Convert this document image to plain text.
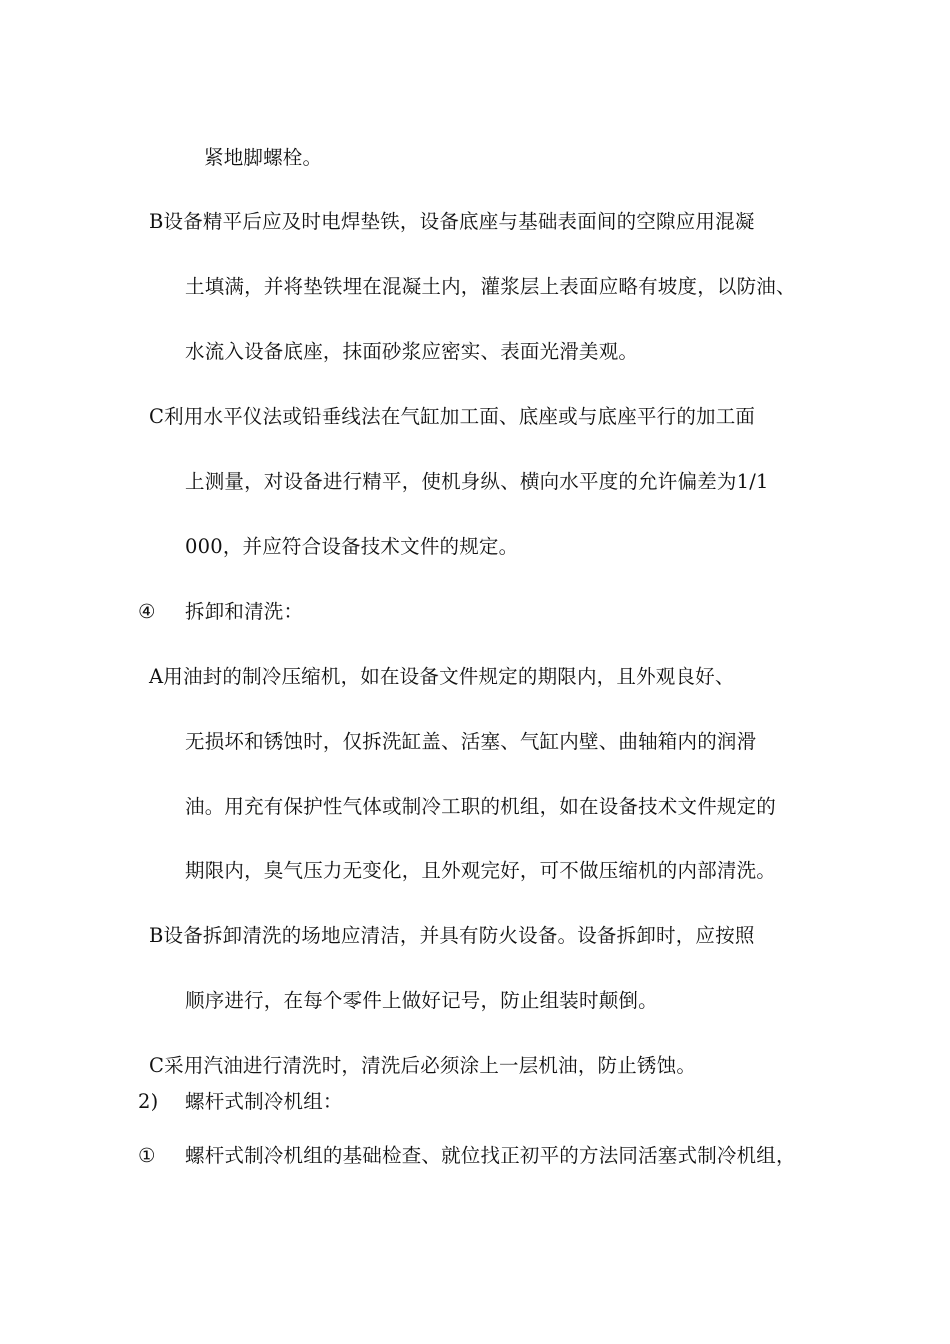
紧地脚螺栓。
B设备精平后应及时电焊垫铁，设备底座与基础表面间的空隙应用混凝
土填满，并将垫铁埋在混凝土内，灌浆层上表面应略有坡度，以防油、
水流入设备底座，抹面砂浆应密实、表面光滑美观。
C利用水平仪法或铅垂线法在气缸加工面、底座或与底座平行的加工面
上测量，对设备进行精平，使机身纵、横向水平度的允许偏差为1/1
000，并应符合设备技术文件的规定。
④ 拆卸和清洗：
A用油封的制冷压缩机，如在设备文件规定的期限内，且外观良好、
无损坏和锈蚀时，仅拆洗缸盖、活塞、气缸内壁、曲轴箱内的润滑
油。用充有保护性气体或制冷工职的机组，如在设备技术文件规定的
期限内，臭气压力无变化，且外观完好，可不做压缩机的内部清洗。
B设备拆卸清洗的场地应清洁，并具有防火设备。设备拆卸时，应按照
顺序进行，在每个零件上做好记号，防止组装时颠倒。
C采用汽油进行清洗时，清洗后必须涂上一层机油，防止锈蚀。
2) 螺杆式制冷机组：
① 螺杆式制冷机组的基础检查、就位找正初平的方法同活塞式制冷机组，
